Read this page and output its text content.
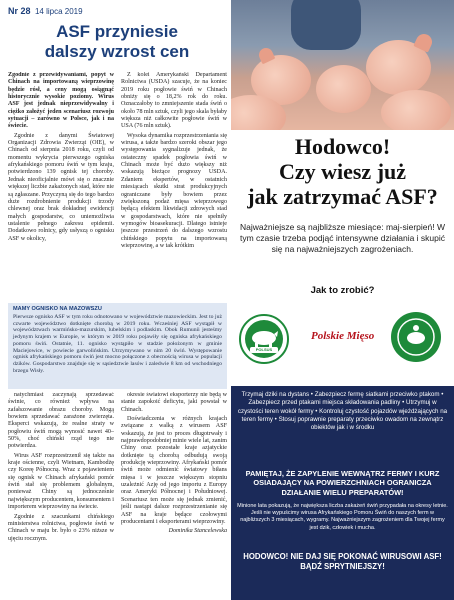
Nr 28 14 lipca 2019
ASF przyniesie
dalszy wzrost cen

Zgodnie z przewidywaniami, popyt w Chinach na importowaną wieprzowinę będzie rósł, a ceny mogą osiągnąć historycznie wysokie poziomy. Wirus ASF jest jednak nieprzewidywalny i ciężko założyć jeden scenariusz rozwoju sytuacji – zarówno w Polsce, jak i na świecie.

Zgodnie z danymi Światowej Organizacji Zdrowia Zwierząt (OIE), w Chinach od sierpnia 2018 roku, czyli od momentu wykrycia pierwszego ogniska afrykańskiego pomoru świń w tym kraju, potwierdzono 139 ognisk tej choroby. Jednak nieoficjalnie mówi się o znacznie większej liczbie zakażonych stad, które nie są zgłaszane. Przyczyną się do tego bardzo duże rozdrobnienie produkcji trzody chlewnej oraz brak dokładnej ewidencji małych gospodarstw, co uniemożliwia ustalenie pełnego zakresu epidemii. Dodatkowo rolnicy, gdy usłyszą o ognisku ASF w okolicy,

Z kolei Amerykański Departament Rolnictwa (USDA) szacuje, że na koniec 2019 roku pogłowie świń w Chinach obniży się o 18,2% rok do roku. Oznaczałoby to zmniejszenie stada świń o około 78 mln sztuk, czyli jego skala byłaby większa niż całkowite pogłowie świń w USA (76 mln sztuk).

Wysoka dynamika rozprzestrzeniania się wirusa, a także bardzo szeroki obszar jego występowania sygnalizuje jednak, że ostateczny spadek pogłowia świń w Chinach może być dużo większy niż wskazują bieżące prognozy USDA. Zdaniem ekspertów, w ostatnich miesiącach skutki strat produkcyjnych ograniczane były bowiem przez zwiększoną podaż mięsa wieprzowego będącą efektem likwidacji zdrowych stad w gospodarstwach, które nie spełniły wymogów bioasekuracji. Dlatego istnieje jeszcze przestrzeń do dalszego wzrostu chińskiego popytu na importowaną wieprzowinę, a w tak krótkim

MAMY OGNISKO NA MAZOWSZU

Pierwsze ognisko ASF w tym roku odnotowano w województwie mazowieckim. Jest to już czwarte województwo dotknięte chorobą w 2019 roku. Wcześniej ASF wystąpił w województwach warmińsko-mazurskim, lubelskim i podlaskim. Obok Rumunii jesteśmy jedynym krajem w Europie, w którym w 2019 roku pojawiły się ogniska afrykańskiego pomoru świń. Ostatnie, 11. ognisko wystąpiło w stadzie położonym w gminie Maciejowice, w powiecie garwolińskim. Utrzymywano w nim 20 świń. Występowanie ognisk afrykańskiego pomoru świń jest mocno połączone z obecnością wirusa w populacji dzików. Gospodarstwo znajduje się w sąsiedztwie lasów i zaledwie 8 km od wschodniego brzegu Wisły.

natychmiast zaczynają sprzedawać świnie, co również wpływa na zafałszowanie obrazu choroby. Mogą bowiem sprzedawać zarażone zwierzęta. Eksperci wskazują, że realne straty w pogłowiu świń mogą wynosić nawet 40–50%, choć chiński rząd tego nie potwierdza.

Wirus ASF rozprzestrzenił się także na kraje ościenne, czyli Wietnam, Kambodżę czy Koreę Północną. Wraz z pojawieniem się ognisk w Chinach afrykański pomór świń stał się problemem globalnym, ponieważ Chiny są jednocześnie największym producentem, konsumentem i importerem wieprzowiny na świecie.

Zgodnie z szacunkami chińskiego ministerstwa rolnictwa, pogłowie świń w Chinach w maju br. było o 23% niższe w ujęciu rocznym.

okresie światowi eksporterzy nie będą w stanie zapokoić deficytu, jaki powstał w Chinach.

Doświadczenia w różnych krajach związane z walką z wirusem ASF wskazują, że jest to proces długotrwały i najprawdopodobniej minie wiele lat, zanim Chiny oraz pozostałe kraje azjatyckie dotknięte tą chorobą odbudują swoją produkcję wieprzowiny. Afrykański pomór świń może odmienić światowy biłans mięsa i w jeszcze większym stopniu uzależnić Azję od jego importu z Europy oraz Ameryki Północnej i Południowej. Scenariusz ten może się jednak zmienić, jeśli nastąpi dalsze rozprzestrzenianie się ASF na kraje będące czołowymi producentami i eksporterami wieprzowiny.

Dominika Stancelewska

Hodowco!
Czy wiesz już
jak zatrzymać ASF?
Najważniejsze są najbliższe miesiące: maj-sierpień! W tym czasie trzeba podjąć intensywne działania i skupić się na najważniejszych zagrożeniach.
Jak to zrobić?
POLSUS
Polskie Mięso
Trzymaj dziki na dystans • Zabezpiecz fermę siatkami przeciwko ptakom • Zabezpiecz przed ptakami miejsca składowania padliny • Utrzymuj w czystości teren wokół fermy • Kontroluj czystość pojazdów wjeżdżających na teren fermy • Stosuj poprawnie preparaty przeciwko owadom na zewnątrz obiektów jak i w środku
PAMIĘTAJ, ŻE ZAPYLENIE WEWNĄTRZ FERMY I KURZ OSIADAJĄCY NA POWIERZCHNIACH OGRANICZA DZIAŁANIE WIELU PREPARATÓW!
Minione lata pokazują, że największa liczba zakażeń świń przypadała na okresy letnie. Jeśli nie wypuścimy wirusa Afrykańskiego Pomoru Świń do naszych ferm w najbliższych 3 miesiącach, wygramy. Najważniejszym zagrożeniem dla Twojej fermy jest dzik, człowiek i mucha.
HODOWCO! NIE DAJ SIĘ POKONAĆ WIRUSOWI ASF! BĄDŹ SPRYTNIEJSZY!
